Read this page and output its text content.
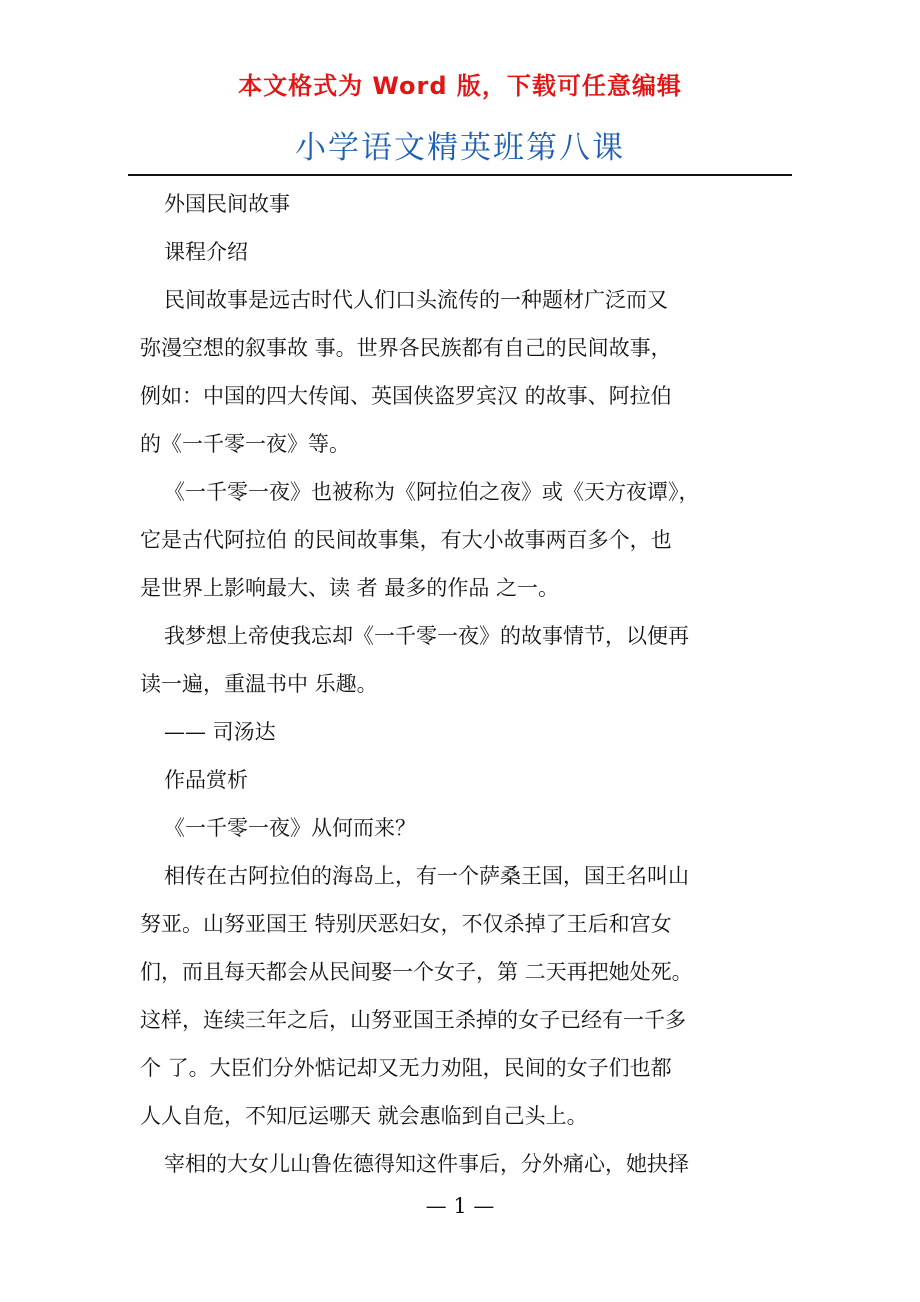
本文格式为 Word 版，下载可任意编辑
小学语文精英班第八课
外国民间故事
课程介绍
民间故事是远古时代人们口头流传的一种题材广泛而又
弥漫空想的叙事故 事。世界各民族都有自己的民间故事，
例如：中国的四大传闻、英国侠盗罗宾汉 的故事、阿拉伯
的《一千零一夜》等。
《一千零一夜》也被称为《阿拉伯之夜》或《天方夜谭》，
它是古代阿拉伯 的民间故事集，有大小故事两百多个，也
是世界上影响最大、读 者 最多的作品 之一。
我梦想上帝使我忘却《一千零一夜》的故事情节，以便再
读一遍，重温书中 乐趣。
—— 司汤达
作品赏析
《一千零一夜》从何而来？
相传在古阿拉伯的海岛上，有一个萨桑王国，国王名叫山
努亚。山努亚国王 特别厌恶妇女，不仅杀掉了王后和宫女
们，而且每天都会从民间娶一个女子，第 二天再把她处死。
这样，连续三年之后，山努亚国王杀掉的女子已经有一千多
个 了。大臣们分外惦记却又无力劝阻，民间的女子们也都
人人自危，不知厄运哪天 就会惠临到自己头上。
宰相的大女儿山鲁佐德得知这件事后，分外痛心，她抉择
— 1 —
